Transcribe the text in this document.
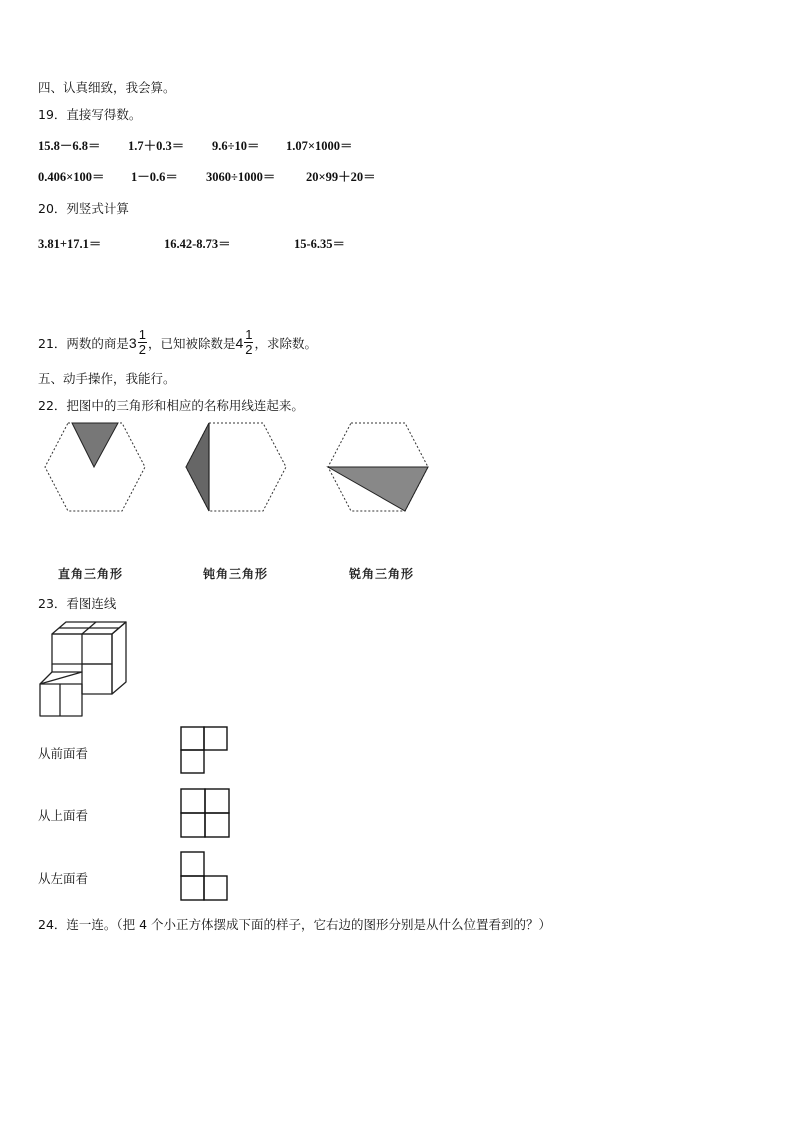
四、认真细致，我会算。
19．直接写得数。
15.8－6.8＝ 1.7＋0.3＝ 9.6÷10＝ 1.07×1000＝
0.406×100＝ 1－0.6＝ 3060÷1000＝ 20×99＋20＝
20．列竖式计算
3.81+17.1＝	16.42-8.73＝	15-6.35＝
21．两数的商是 $3 \frac{1}{2}$ ，已知被除数是 $4 \frac{1}{2}$ ，求除数。
五、动手操作，我能行。
22．把图中的三角形和相应的名称用线连起来。
直角三角形	钝角三角形	锐角三角形
23．看图连线
从前面看
从上面看
从左面看
24．连一连。（把 4 个小正方体摆成下面的样子，它右边的图形分别是从什么位置看到的？）
